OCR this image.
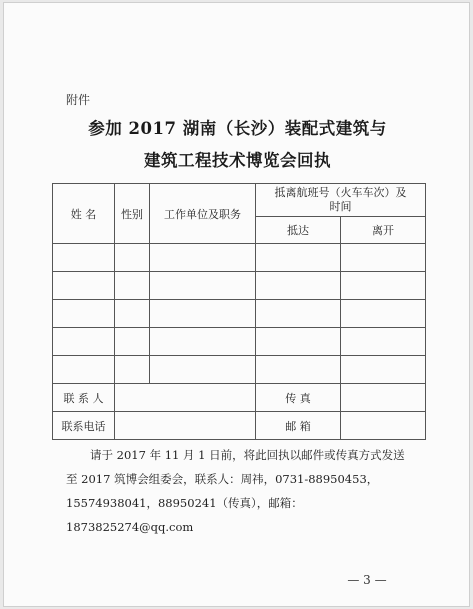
附件
参加 2017 湖南（长沙）装配式建筑与
建筑工程技术博览会回执
姓 名	性别	工作单位及职务	抵离航班号（火车车次）及时间	
			抵达	离开

联 系 人			传 真	
联系电话			邮 箱	

请于 2017 年 11 月 1 日前，将此回执以邮件或传真方式发送

至 2017 筑博会组委会，联系人：周祎，0731-88950453，

15574938041，88950241（传真），邮箱：1873825274@qq.com

— 3 —
